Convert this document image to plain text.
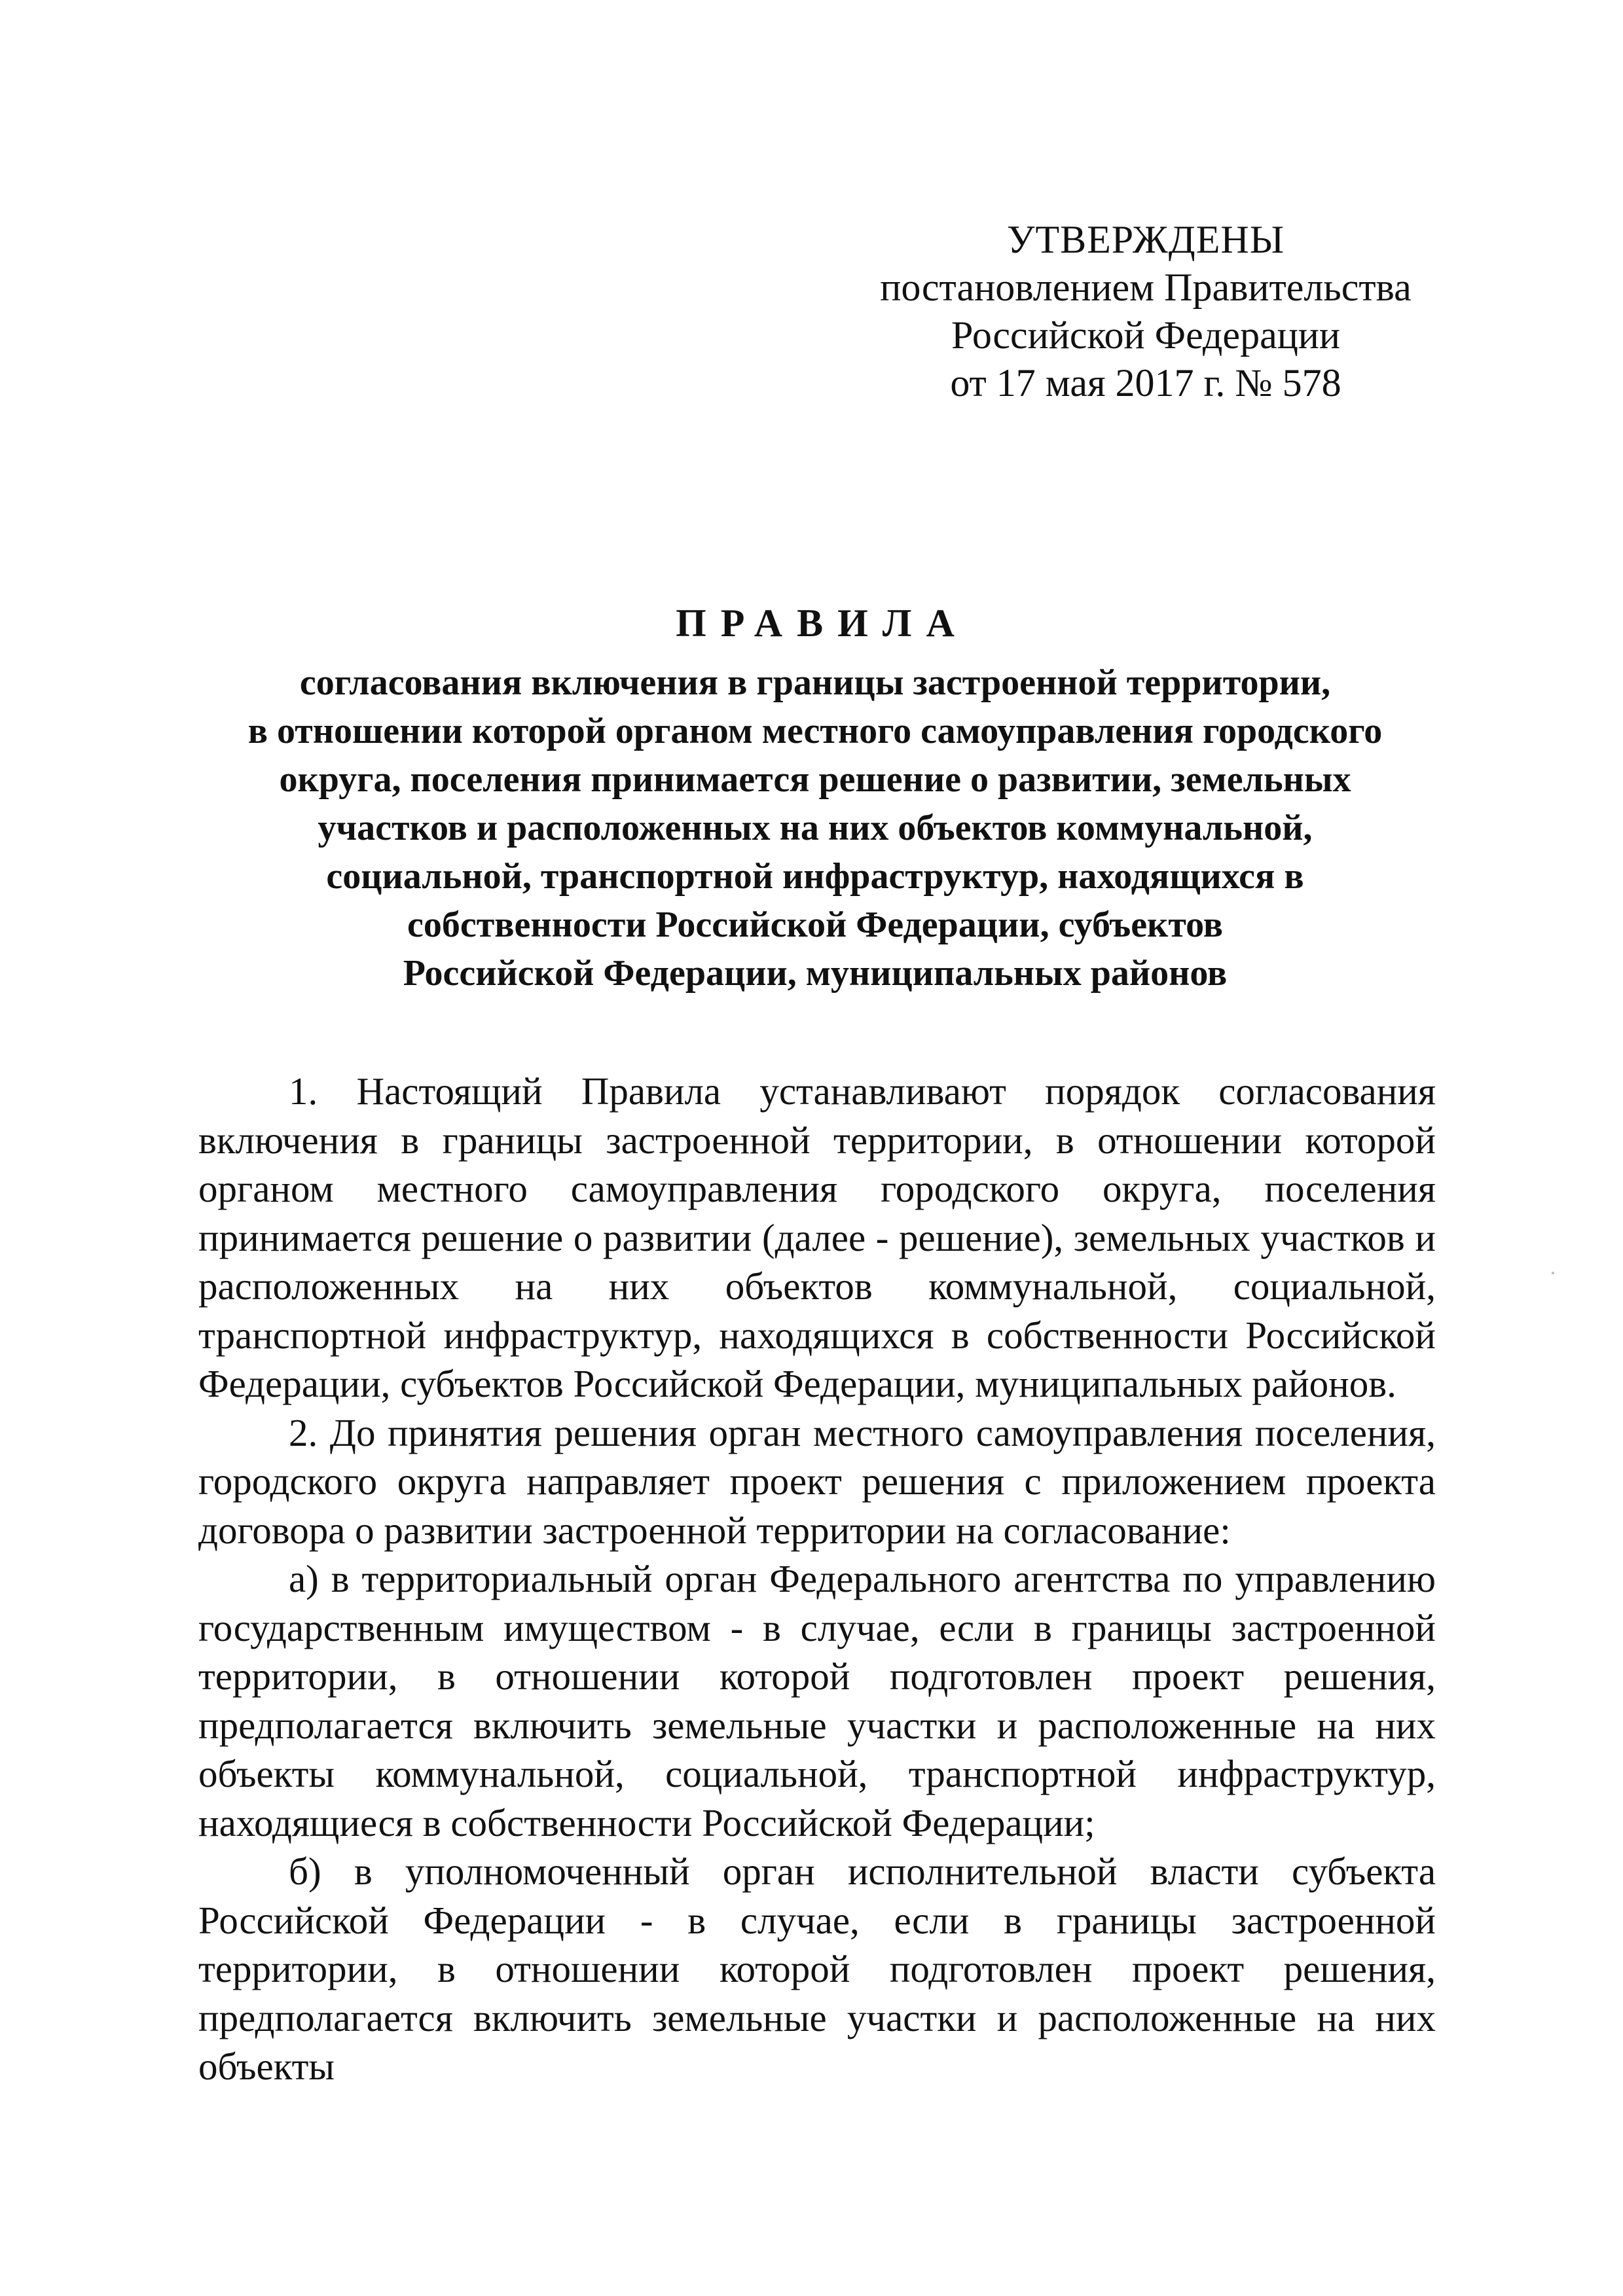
УТВЕРЖДЕНЫ
постановлением Правительства
Российской Федерации
от 17 мая 2017 г. № 578
ПРАВИЛА
согласования включения в границы застроенной территории,
в отношении которой органом местного самоуправления городского
округа, поселения принимается решение о развитии, земельных
участков и расположенных на них объектов коммунальной,
социальной, транспортной инфраструктур, находящихся в
собственности Российской Федерации, субъектов
Российской Федерации, муниципальных районов

1. Настоящий Правила устанавливают порядок согласования включения в границы застроенной территории, в отношении которой органом местного самоуправления городского округа, поселения принимается решение о развитии (далее - решение), земельных участков и расположенных на них объектов коммунальной, социальной, транспортной инфраструктур, находящихся в собственности Российской Федерации, субъектов Российской Федерации, муниципальных районов.

2. До принятия решения орган местного самоуправления поселения, городского округа направляет проект решения с приложением проекта договора о развитии застроенной территории на согласование:

а) в территориальный орган Федерального агентства по управлению государственным имуществом - в случае, если в границы застроенной территории, в отношении которой подготовлен проект решения, предполагается включить земельные участки и расположенные на них объекты коммунальной, социальной, транспортной инфраструктур, находящиеся в собственности Российской Федерации;

б) в уполномоченный орган исполнительной власти субъекта Российской Федерации - в случае, если в границы застроенной территории, в отношении которой подготовлен проект решения, предполагается включить земельные участки и расположенные на них объекты
